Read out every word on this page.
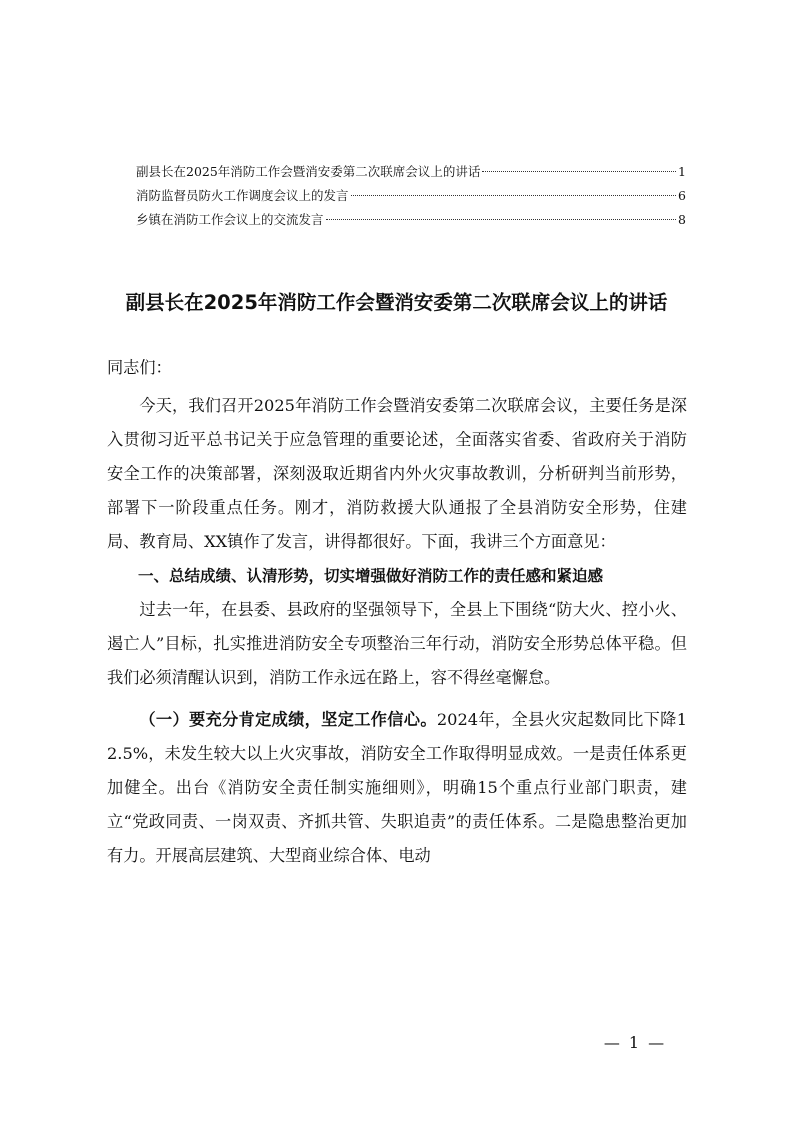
副县长在2025年消防工作会暨消安委第二次联席会议上的讲话	1
消防监督员防火工作调度会议上的发言	6
乡镇在消防工作会议上的交流发言	8
副县长在2025年消防工作会暨消安委第二次联席会议上的讲话

同志们：

今天，我们召开2025年消防工作会暨消安委第二次联席会议，主要任务是深入贯彻习近平总书记关于应急管理的重要论述，全面落实省委、省政府关于消防安全工作的决策部署，深刻汲取近期省内外火灾事故教训，分析研判当前形势，部署下一阶段重点任务。刚才，消防救援大队通报了全县消防安全形势，住建局、教育局、XX镇作了发言，讲得都很好。下面，我讲三个方面意见：

一、总结成绩、认清形势，切实增强做好消防工作的责任感和紧迫感

过去一年，在县委、县政府的坚强领导下，全县上下围绕“防大火、控小火、遏亡人”目标，扎实推进消防安全专项整治三年行动，消防安全形势总体平稳。但我们必须清醒认识到，消防工作永远在路上，容不得丝毫懈怠。

（一）要充分肯定成绩，坚定工作信心。2024年，全县火灾起数同比下降12.5%，未发生较大以上火灾事故，消防安全工作取得明显成效。一是责任体系更加健全。出台《消防安全责任制实施细则》，明确15个重点行业部门职责，建立“党政同责、一岗双责、齐抓共管、失职追责”的责任体系。二是隐患整治更加有力。开展高层建筑、大型商业综合体、电动

— 1 —
